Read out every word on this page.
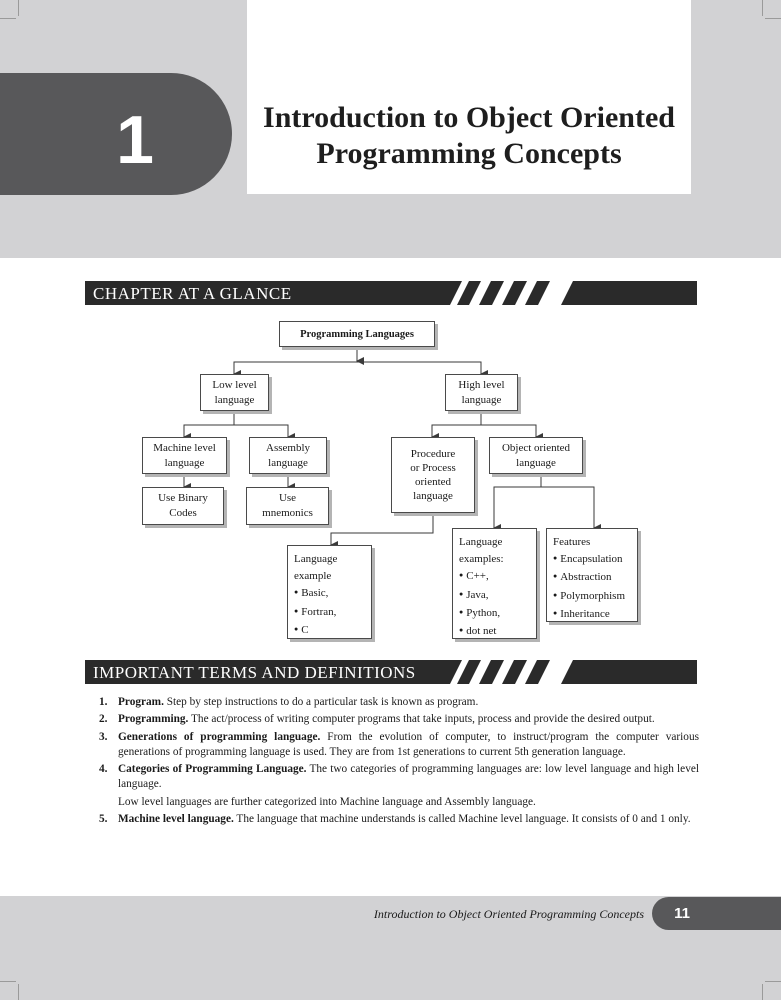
1	Introduction to Object Oriented
Programming Concepts
CHAPTER AT A GLANCE
Programming Languages
Low level
language
High level
language
Machine level
language
Assembly
language
Use Binary
Codes
Use
mnemonics
Procedure
or Process
oriented
language
Object oriented
language
Language
example
● Basic,
● Fortran,
● C
Language
examples:
● C++,
● Java,
● Python,
● dot net
Features
● Encapsulation
● Abstraction
● Polymorphism
● Inheritance
IMPORTANT TERMS AND DEFINITIONS
1. Program. Step by step instructions to do a particular task is known as program.
2. Programming. The act/process of writing computer programs that take inputs, process and provide the desired output.
3. Generations of programming language. From the evolution of computer, to instruct/program the computer various generations of programming language is used. They are from 1st generations to current 5th generation language.
4. Categories of Programming Language. The two categories of programming languages are: low level language and high level language.
Low level languages are further categorized into Machine language and Assembly language.
5. Machine level language. The language that machine understands is called Machine level language. It consists of 0 and 1 only.
Introduction to Object Oriented Programming Concepts	11
